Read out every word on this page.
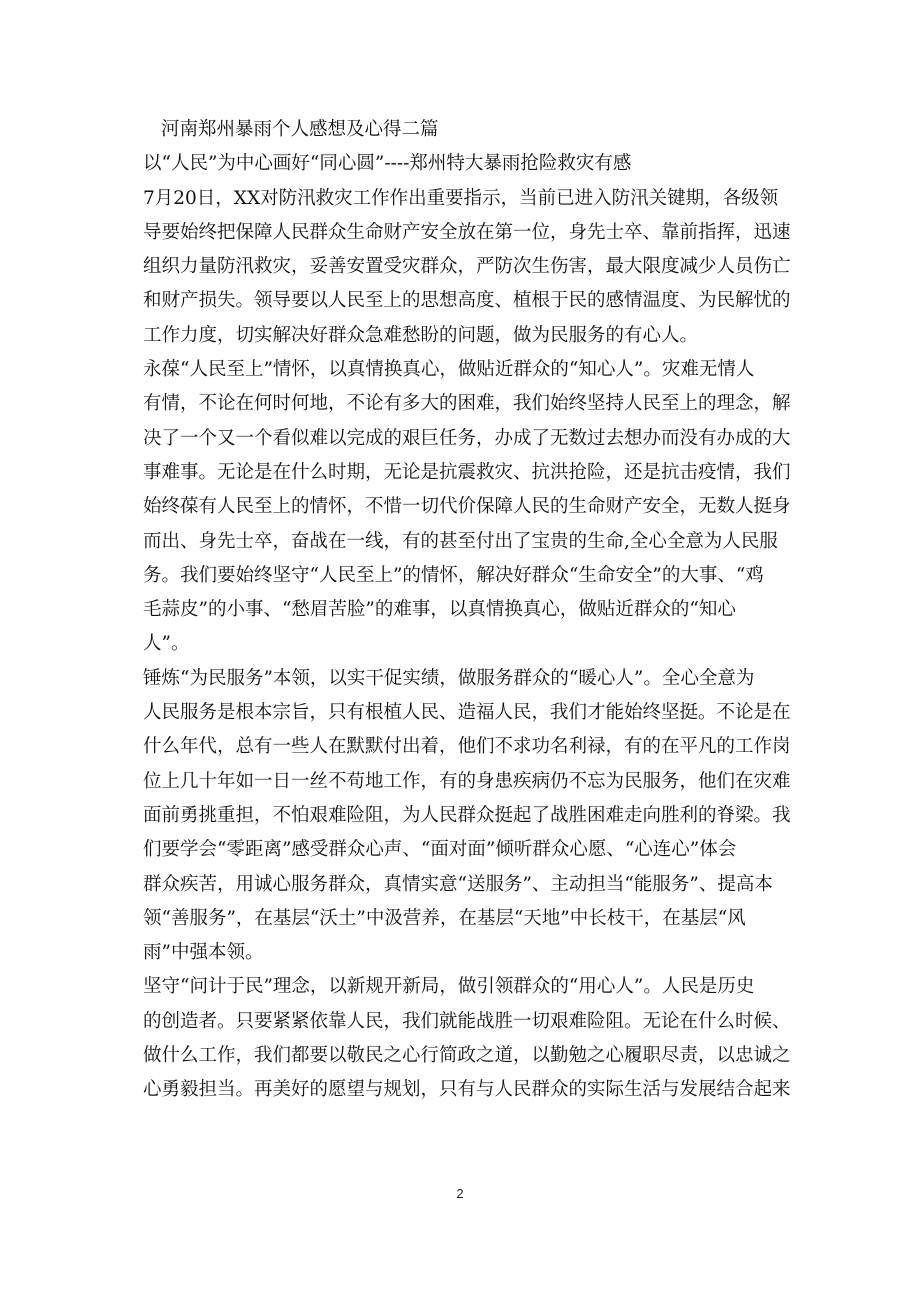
河南郑州暴雨个人感想及心得二篇
以“人民”为中心画好“同心圆”----郑州特大暴雨抢险救灾有感
7月20日，XX对防汛救灾工作作出重要指示，当前已进入防汛关键期，各级领
导要始终把保障人民群众生命财产安全放在第一位，身先士卒、靠前指挥，迅速
组织力量防汛救灾，妥善安置受灾群众，严防次生伤害，最大限度减少人员伤亡
和财产损失。领导要以人民至上的思想高度、植根于民的感情温度、为民解忧的
工作力度，切实解决好群众急难愁盼的问题，做为民服务的有心人。
永葆“人民至上”情怀，以真情换真心，做贴近群众的“知心人”。灾难无情人
有情，不论在何时何地，不论有多大的困难，我们始终坚持人民至上的理念，解
决了一个又一个看似难以完成的艰巨任务，办成了无数过去想办而没有办成的大
事难事。无论是在什么时期，无论是抗震救灾、抗洪抢险，还是抗击疫情，我们
始终葆有人民至上的情怀，不惜一切代价保障人民的生命财产安全，无数人挺身
而出、身先士卒，奋战在一线，有的甚至付出了宝贵的生命,全心全意为人民服
务。我们要始终坚守“人民至上”的情怀，解决好群众“生命安全”的大事、“鸡
毛蒜皮”的小事、“愁眉苦脸”的难事，以真情换真心，做贴近群众的“知心
人”。
锤炼“为民服务”本领，以实干促实绩，做服务群众的“暖心人”。全心全意为
人民服务是根本宗旨，只有根植人民、造福人民，我们才能始终坚挺。不论是在
什么年代，总有一些人在默默付出着，他们不求功名利禄，有的在平凡的工作岗
位上几十年如一日一丝不苟地工作，有的身患疾病仍不忘为民服务，他们在灾难
面前勇挑重担，不怕艰难险阻，为人民群众挺起了战胜困难走向胜利的脊梁。我
们要学会“零距离”感受群众心声、“面对面”倾听群众心愿、“心连心”体会
群众疾苦，用诚心服务群众，真情实意“送服务”、主动担当“能服务”、提高本
领“善服务”，在基层“沃土”中汲营养，在基层“天地”中长枝干，在基层“风
雨”中强本领。
坚守“问计于民”理念，以新规开新局，做引领群众的“用心人”。人民是历史
的创造者。只要紧紧依靠人民，我们就能战胜一切艰难险阻。无论在什么时候、
做什么工作，我们都要以敬民之心行简政之道，以勤勉之心履职尽责，以忠诚之
心勇毅担当。再美好的愿望与规划，只有与人民群众的实际生活与发展结合起来
2
